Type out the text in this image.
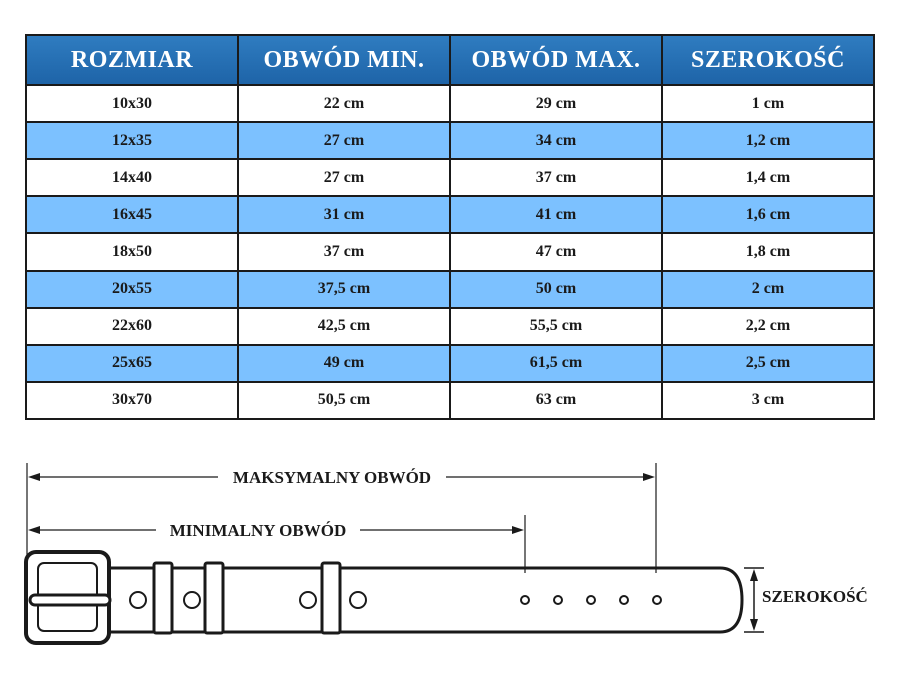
ROZMIAR	OBWÓD MIN.	OBWÓD MAX.	SZEROKOŚĆ
10x30	22 cm	29 cm	1 cm
12x35	27 cm	34 cm	1,2 cm
14x40	27 cm	37 cm	1,4 cm
16x45	31 cm	41 cm	1,6 cm
18x50	37 cm	47 cm	1,8 cm
20x55	37,5 cm	50 cm	2 cm
22x60	42,5 cm	55,5 cm	2,2 cm
25x65	49 cm	61,5 cm	2,5 cm
30x70	50,5 cm	63 cm	3 cm
MAKSYMALNY OBWÓD
MINIMALNY OBWÓD
SZEROKOŚĆ
